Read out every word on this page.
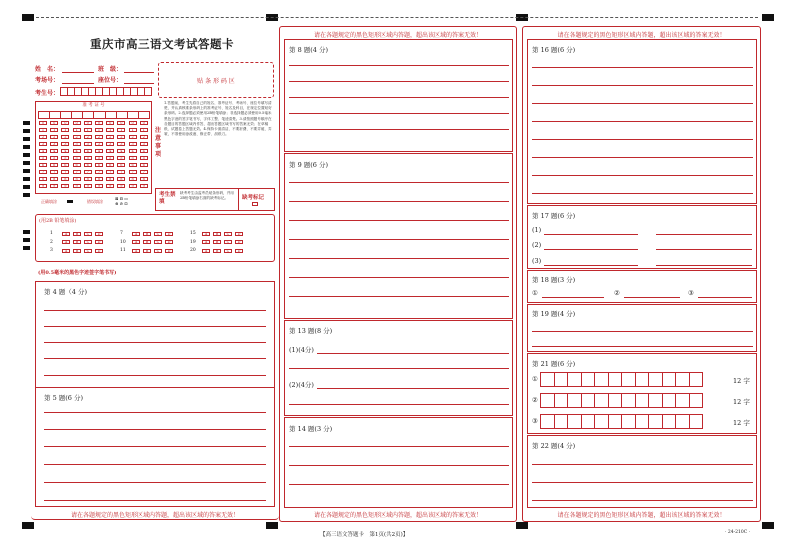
重庆市高三语文考试答题卡
姓　名：	班　级：
考场号：	座位号：
考生号：
贴 条 形 码 区
准 考 证 号
0	0	0	0	0	0	0	0	0	0
1	1	1	1	1	1	1	1	1	1
2	2	2	2	2	2	2	2	2	2
3	3	3	3	3	3	3	3	3	3
4	4	4	4	4	4	4	4	4	4
5	5	5	5	5	5	5	5	5	5
6	6	6	6	6	6	6	6	6	6
7	7	7	7	7	7	7	7	7	7
8	8	8	8	8	8	8	8	8	8
9	9	9	9	9	9	9	9	9	9
1.答题前，考生先将自己的姓名、准考证号、考场号、座位号填写清楚，并认真核准条形码上的准考证号、姓名及科目，在规定位置贴好条形码。2.选择题必须使用2B铅笔填涂；非选择题必须使用0.5毫米黑色字迹的签字笔书写，字体工整、笔迹清楚。3.请按照题号顺序在各题目的答题区域内作答，超出答题区域书写的答案无效；在草稿纸、试题卷上答题无效。4.保持卡面清洁，不要折叠、不要弄破、弄皱，不准使用涂改液、修正带、刮纸刀。
注意事项
正确填涂	错误填涂
⊠ ⊟ ▭
⊗ ⊘ ⊡
考生禁填
缺考考生由监考员贴条形码，并用2B铅笔填涂右面的缺考标记。	缺考标记
(用2B 铅笔填涂)
1	A	B	C	D
2	A	B	C	D
3	A	B	C	D
7	A	B	C	D
10	A	B	C	D
11	A	B	C	D
15	A	B	C	D
19	A	B	C	D
20	A	B	C	D
(用0.5毫米的黑色字迹签字笔书写)
第 4 题（4 分)
第 5 题(6 分)
请在各题规定的黑色矩形区域内答题，超出该区域的答案无效！
请在各题规定的黑色矩形区域内答题，超出该区域的答案无效！
请在各题规定的黑色矩形区域内答题，超出该区域的答案无效！
第 8 题(4 分)
第 9 题(6 分)
第 13 题(8 分)
(1)(4分)
(2)(4分)
第 14 题(3 分)
请在各题规定的黑色矩形区域内答题，超出该区域的答案无效！
请在各题规定的黑色矩形区域内答题，超出该区域的答案无效！
第 16 题(6 分)
第 17 题(6 分)
(1)
(2)
(3)
第 18 题(3 分)
①	②	③
第 19 题(4 分)
第 21 题(6 分)
①	12 字
②	12 字
③	12 字
第 22 题(4 分)
【高三语文答题卡　第1页(共2页)】	· 24-210C ·
